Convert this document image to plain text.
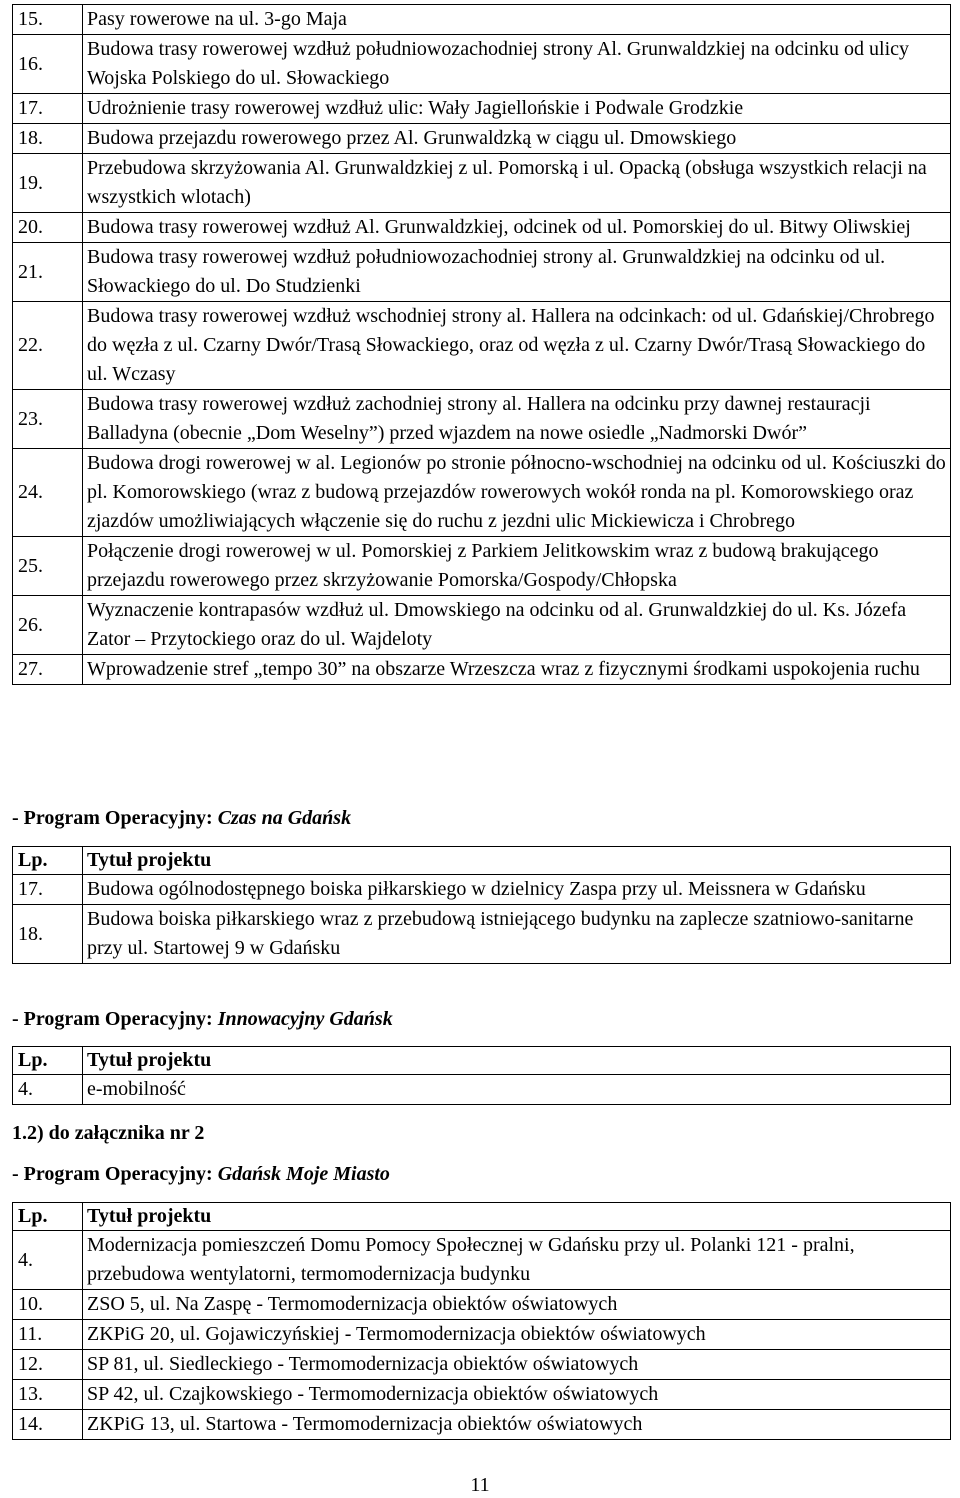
15.	Pasy rowerowe na ul. 3-go Maja
16.	Budowa trasy rowerowej wzdłuż południowozachodniej strony Al. Grunwaldzkiej na odcinku od ulicy Wojska Polskiego do ul. Słowackiego
17.	Udrożnienie trasy rowerowej wzdłuż ulic: Wały Jagiellońskie i Podwale Grodzkie
18.	Budowa przejazdu rowerowego przez Al. Grunwaldzką w ciągu ul. Dmowskiego
19.	Przebudowa skrzyżowania Al. Grunwaldzkiej z ul. Pomorską i ul. Opacką (obsługa wszystkich relacji na wszystkich wlotach)
20.	Budowa trasy rowerowej wzdłuż Al. Grunwaldzkiej, odcinek od ul. Pomorskiej do ul. Bitwy Oliwskiej
21.	Budowa trasy rowerowej wzdłuż południowozachodniej strony al. Grunwaldzkiej na odcinku od ul. Słowackiego do ul. Do Studzienki
22.	Budowa trasy rowerowej wzdłuż wschodniej strony al. Hallera na odcinkach: od ul. Gdańskiej/Chrobrego do węzła z ul. Czarny Dwór/Trasą Słowackiego, oraz od węzła z ul. Czarny Dwór/Trasą Słowackiego do ul. Wczasy
23.	Budowa trasy rowerowej wzdłuż zachodniej strony al. Hallera na odcinku przy dawnej restauracji Balladyna (obecnie „Dom Weselny”) przed wjazdem na nowe osiedle „Nadmorski Dwór”
24.	Budowa drogi rowerowej w al. Legionów po stronie północno-wschodniej na odcinku od ul. Kościuszki do pl. Komorowskiego (wraz z budową przejazdów rowerowych wokół ronda na pl. Komorowskiego oraz zjazdów umożliwiających włączenie się do ruchu z jezdni ulic Mickiewicza i Chrobrego
25.	Połączenie drogi rowerowej w ul. Pomorskiej z Parkiem Jelitkowskim wraz z budową brakującego przejazdu rowerowego przez skrzyżowanie Pomorska/Gospody/Chłopska
26.	Wyznaczenie kontrapasów wzdłuż ul. Dmowskiego na odcinku od al. Grunwaldzkiej do ul. Ks. Józefa Zator – Przytockiego oraz do ul. Wajdeloty
27.	Wprowadzenie stref „tempo 30” na obszarze Wrzeszcza wraz z fizycznymi środkami uspokojenia ruchu
- Program Operacyjny: Czas na Gdańsk
Lp.	Tytuł projektu
17.	Budowa ogólnodostępnego boiska piłkarskiego w dzielnicy Zaspa przy ul. Meissnera w Gdańsku
18.	Budowa boiska piłkarskiego wraz z przebudową istniejącego budynku na zaplecze szatniowo-sanitarne przy ul. Startowej 9 w Gdańsku
- Program Operacyjny: Innowacyjny Gdańsk
Lp.	Tytuł projektu
4.	e-mobilność
1.2) do załącznika nr 2
- Program Operacyjny: Gdańsk Moje Miasto
Lp.	Tytuł projektu
4.	Modernizacja pomieszczeń Domu Pomocy Społecznej w Gdańsku przy ul. Polanki 121 - pralni, przebudowa wentylatorni, termomodernizacja budynku
10.	ZSO 5, ul. Na Zaspę - Termomodernizacja obiektów oświatowych
11.	ZKPiG 20, ul. Gojawiczyńskiej - Termomodernizacja obiektów oświatowych
12.	SP 81, ul. Siedleckiego - Termomodernizacja obiektów oświatowych
13.	SP 42, ul. Czajkowskiego - Termomodernizacja obiektów oświatowych
14.	ZKPiG 13, ul. Startowa - Termomodernizacja obiektów oświatowych
11
